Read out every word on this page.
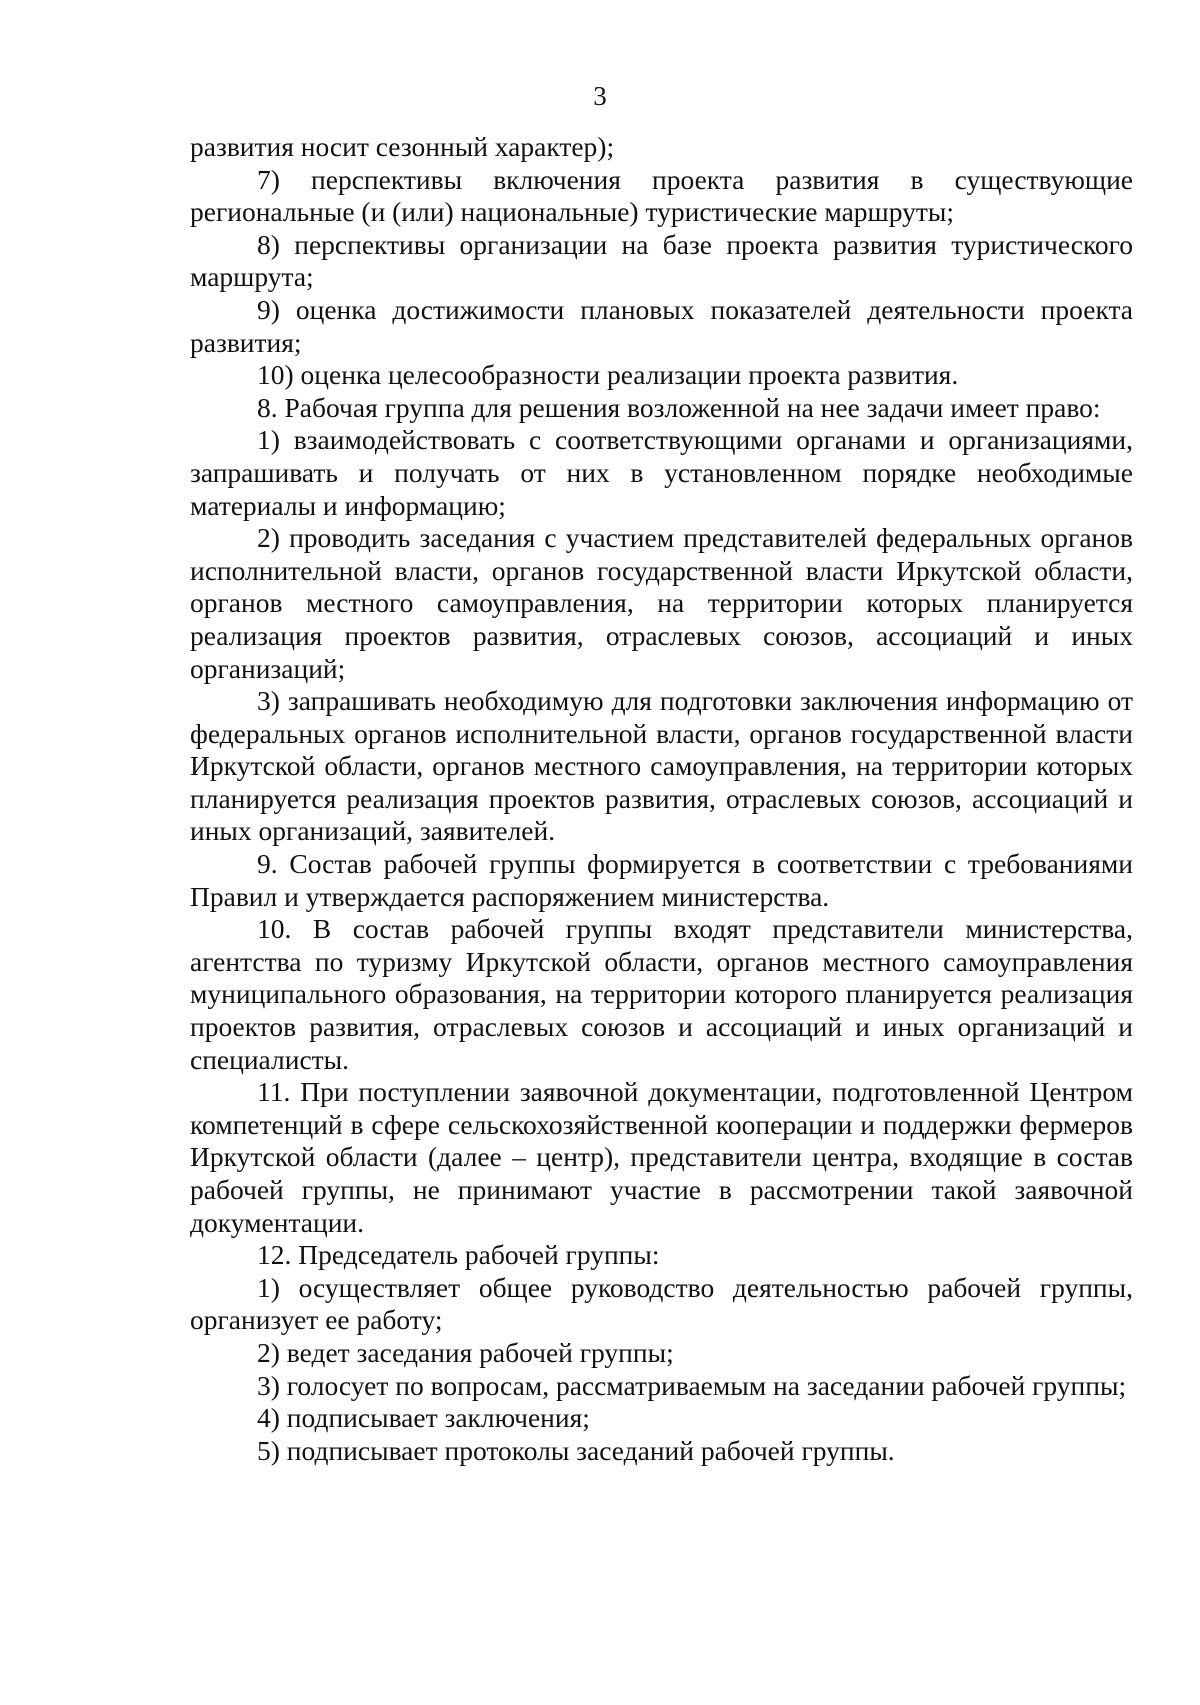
3

развития носит сезонный характер);

7) перспективы включения проекта развития в существующие региональные (и (или) национальные) туристические маршруты;

8) перспективы организации на базе проекта развития туристического маршрута;

9) оценка достижимости плановых показателей деятельности проекта развития;

10) оценка целесообразности реализации проекта развития.

8. Рабочая группа для решения возложенной на нее задачи имеет право:

1) взаимодействовать с соответствующими органами и организациями, запрашивать и получать от них в установленном порядке необходимые материалы и информацию;

2) проводить заседания с участием представителей федеральных органов исполнительной власти, органов государственной власти Иркутской области, органов местного самоуправления, на территории которых планируется реализация проектов развития, отраслевых союзов, ассоциаций и иных организаций;

3) запрашивать необходимую для подготовки заключения информацию от федеральных органов исполнительной власти, органов государственной власти Иркутской области, органов местного самоуправления, на территории которых планируется реализация проектов развития, отраслевых союзов, ассоциаций и иных организаций, заявителей.

9. Состав рабочей группы формируется в соответствии с требованиями Правил и утверждается распоряжением министерства.

10. В состав рабочей группы входят представители министерства, агентства по туризму Иркутской области, органов местного самоуправления муниципального образования, на территории которого планируется реализация проектов развития, отраслевых союзов и ассоциаций и иных организаций и специалисты.

11. При поступлении заявочной документации, подготовленной Центром компетенций в сфере сельскохозяйственной кооперации и поддержки фермеров Иркутской области (далее – центр), представители центра, входящие в состав рабочей группы, не принимают участие в рассмотрении такой заявочной документации.

12. Председатель рабочей группы:

1) осуществляет общее руководство деятельностью рабочей группы, организует ее работу;

2) ведет заседания рабочей группы;

3) голосует по вопросам, рассматриваемым на заседании рабочей группы;

4) подписывает заключения;

5) подписывает протоколы заседаний рабочей группы.
